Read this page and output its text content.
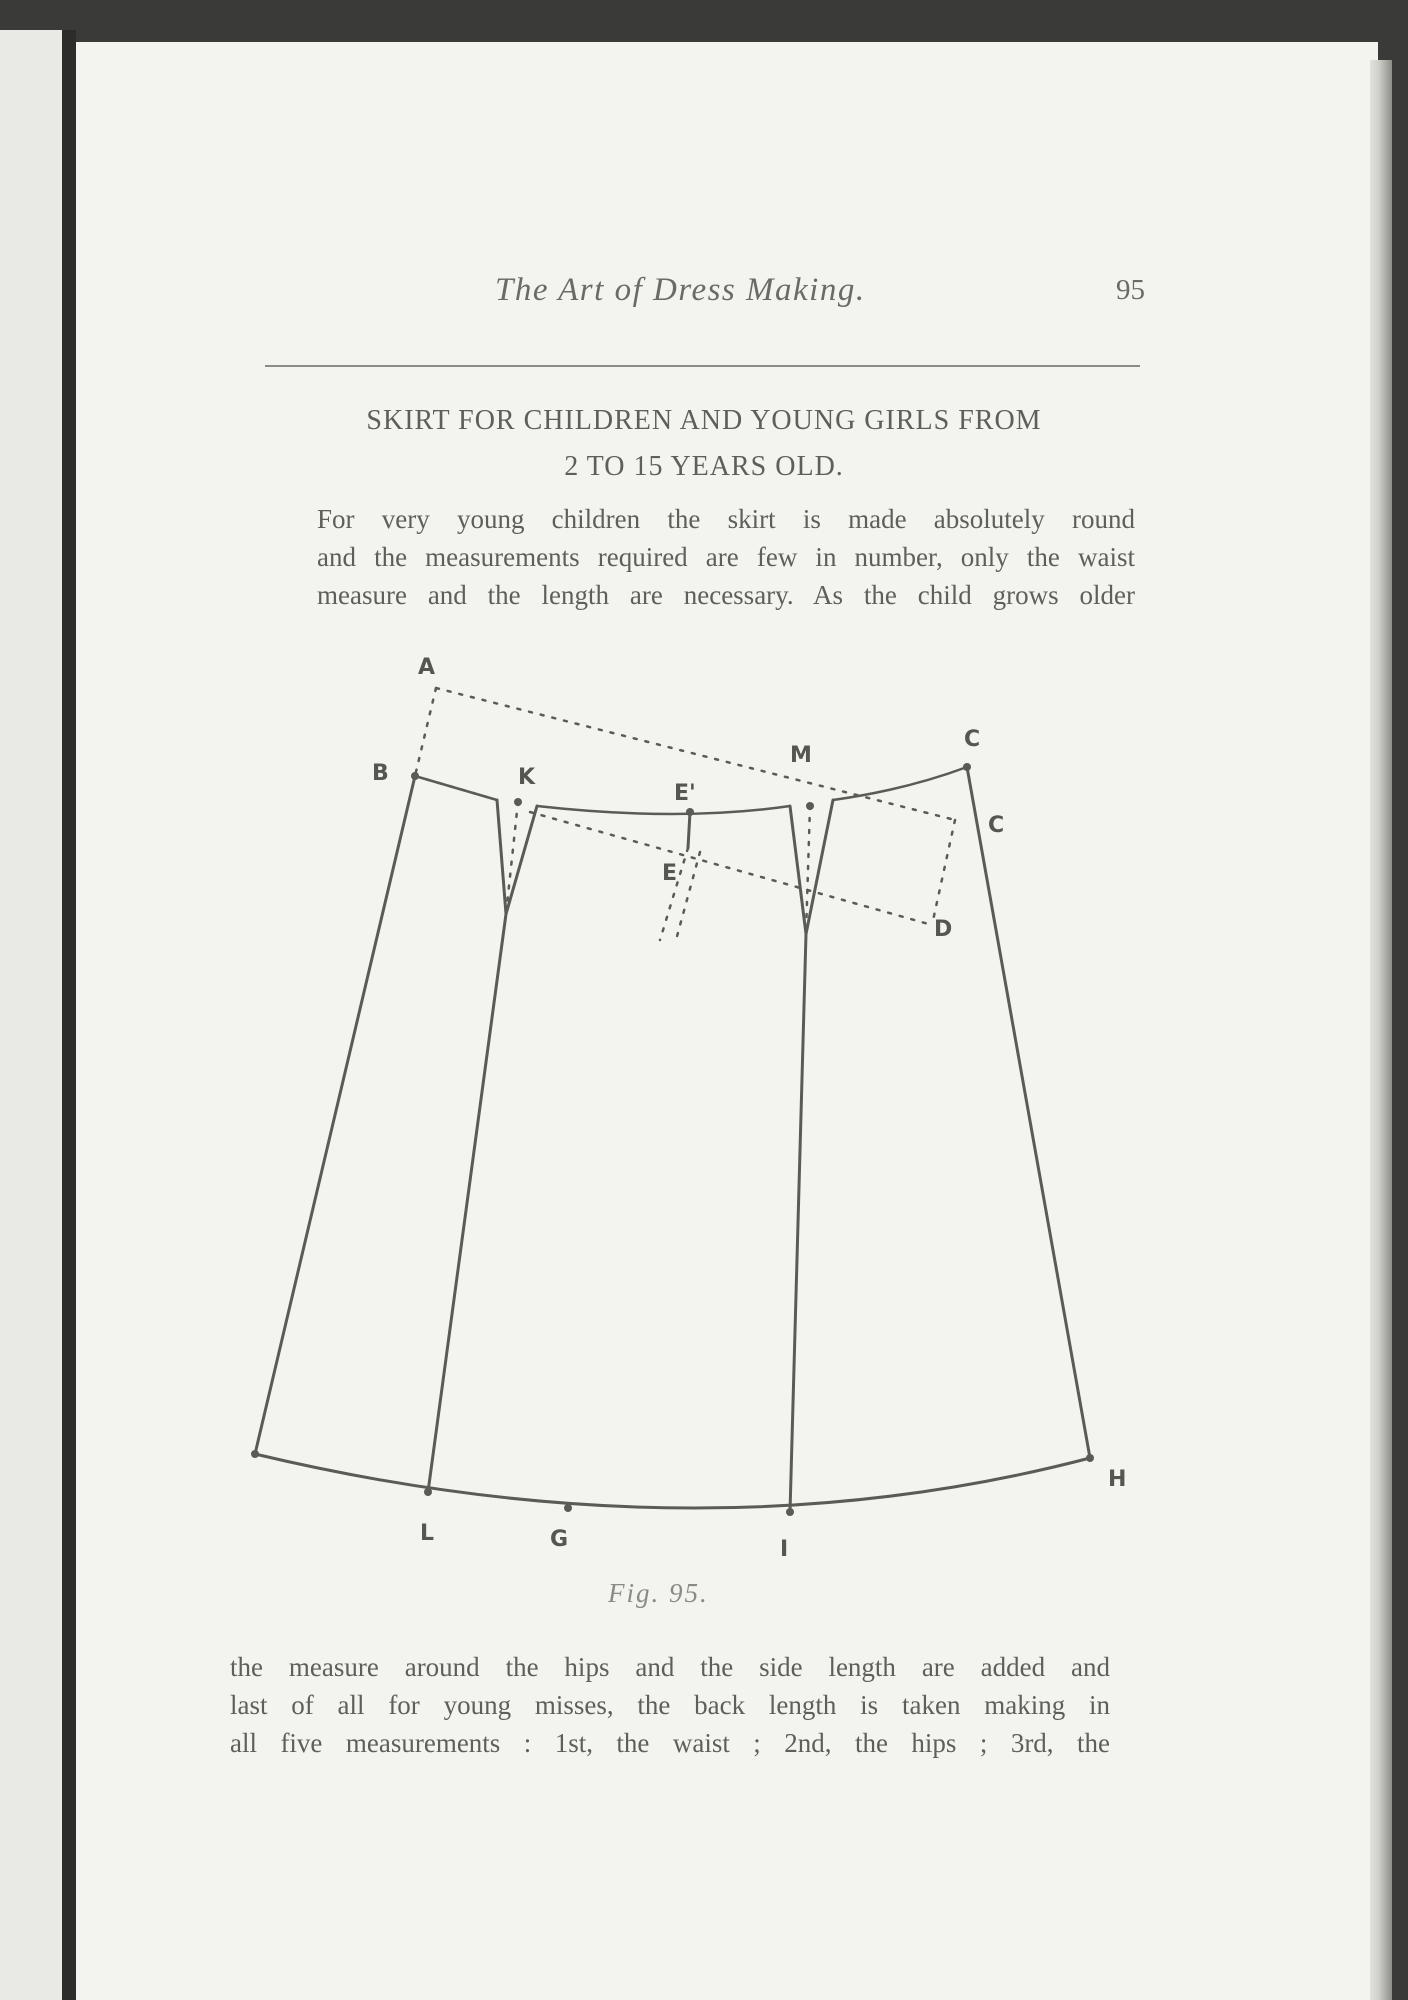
The Art of Dress Making.	95
SKIRT FOR CHILDREN AND YOUNG GIRLS FROM
2 TO 15 YEARS OLD.
For very young children the skirt is made absolutely round
and the measurements required are few in number, only the waist
measure and the length are necessary. As the child grows older
A
B	K
E'
M
C
C
E
D
L	G	I
H
Fig. 95.
the measure around the hips and the side length are added and
last of all for young misses, the back length is taken making in
all five measurements : 1st, the waist ; 2nd, the hips ; 3rd, the
